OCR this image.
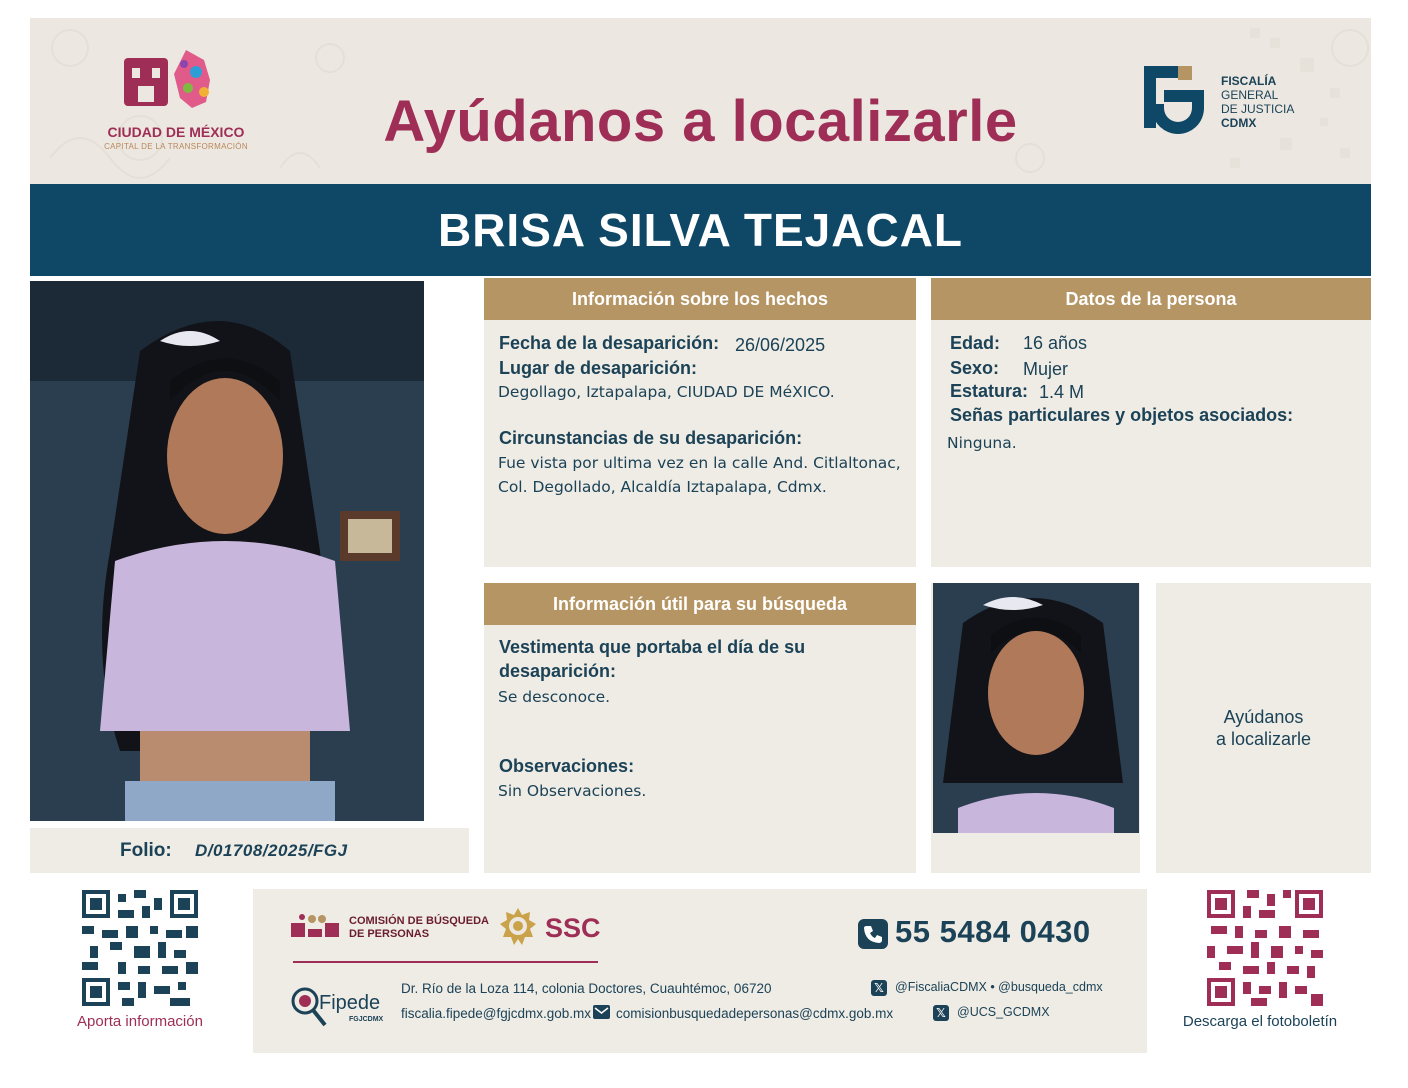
CIUDAD DE MÉXICO
CAPITAL DE LA TRANSFORMACIÓN	Ayúdanos a localizarle
FISCALÍA
GENERAL
DE JUSTICIA
CDMX
BRISA SILVA TEJACAL
Folio: D/01708/2025/FGJ
Información sobre los hechos
Fecha de la desaparición: 26/06/2025
Lugar de desaparición:
Degollago, Iztapalapa, CIUDAD DE MéXICO.
Circunstancias de su desaparición:
Fue vista por ultima vez en la calle And. Citlaltonac,
Col. Degollado, Alcaldía Iztapalapa, Cdmx.
Datos de la persona
Edad: 16 años
Sexo: Mujer
Estatura: 1.4 M
Señas particulares y objetos asociados:
Ninguna.
Información útil para su búsqueda
Vestimenta que portaba el día de su
desaparición:
Se desconoce.
Observaciones:
Sin Observaciones.
Ayúdanos
a localizarle
Aporta información
COMISIÓN DE BÚSQUEDA
DE PERSONAS	SSC	55 5484 0430
Fipede
FGJCDMX
Dr. Río de la Loza 114, colonia Doctores, Cuauhtémoc, 06720
fiscalia.fipede@fgjcdmx.gob.mx comisionbusquedadepersonas@cdmx.gob.mx
𝕏 @FiscaliaCDMX • @busqueda_cdmx
𝕏 @UCS_GCDMX
Descarga el fotoboletín
